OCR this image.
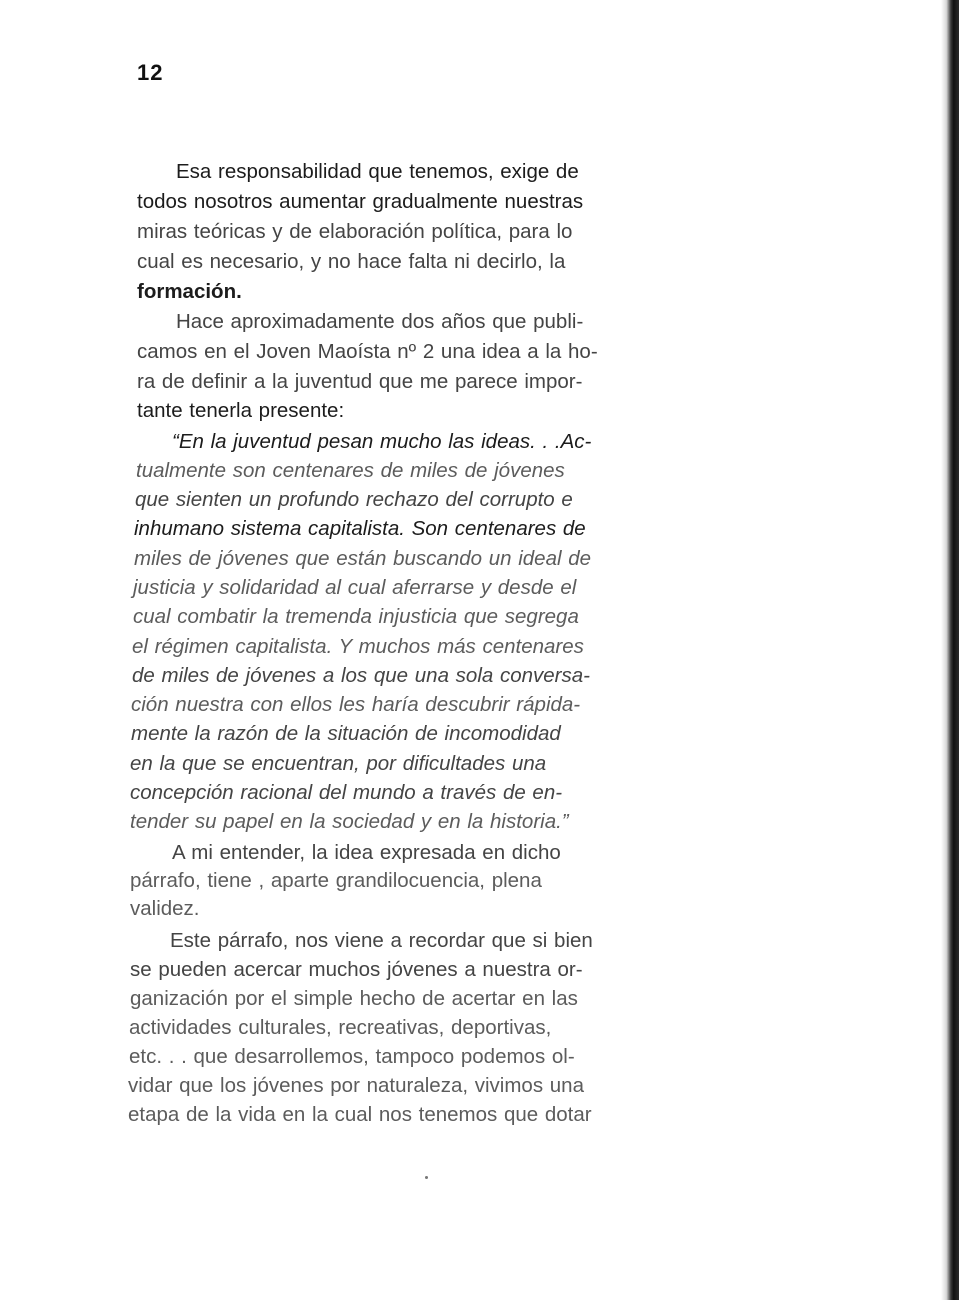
12
Esa responsabilidad que tenemos, exige de
todos nosotros aumentar gradualmente nuestras
miras teóricas y de elaboración política, para lo
cual es necesario, y no hace falta ni decirlo, la
formación.
Hace aproximadamente dos años que publi-
camos en el Joven Maoísta nº 2 una idea a la ho-
ra de definir a la juventud que me parece impor-
tante tenerla presente:
“En la juventud pesan mucho las ideas. . .Ac-
tualmente son centenares de miles de jóvenes
que sienten un profundo rechazo del corrupto e
inhumano sistema capitalista. Son centenares de
miles de jóvenes que están buscando un ideal de
justicia y solidaridad al cual aferrarse y desde el
cual combatir la tremenda injusticia que segrega
el régimen capitalista. Y muchos más centenares
de miles de jóvenes a los que una sola conversa-
ción nuestra con ellos les haría descubrir rápida-
mente la razón de la situación de incomodidad
en la que se encuentran, por dificultades una
concepción racional del mundo a través de en-
tender su papel en la sociedad y en la historia.”
A mi entender, la idea expresada en dicho
párrafo, tiene , aparte grandilocuencia, plena
validez.
Este párrafo, nos viene a recordar que si bien
se pueden acercar muchos jóvenes a nuestra or-
ganización por el simple hecho de acertar en las
actividades culturales, recreativas, deportivas,
etc. . . que desarrollemos, tampoco podemos ol-
vidar que los jóvenes por naturaleza, vivimos una
etapa de la vida en la cual nos tenemos que dotar
